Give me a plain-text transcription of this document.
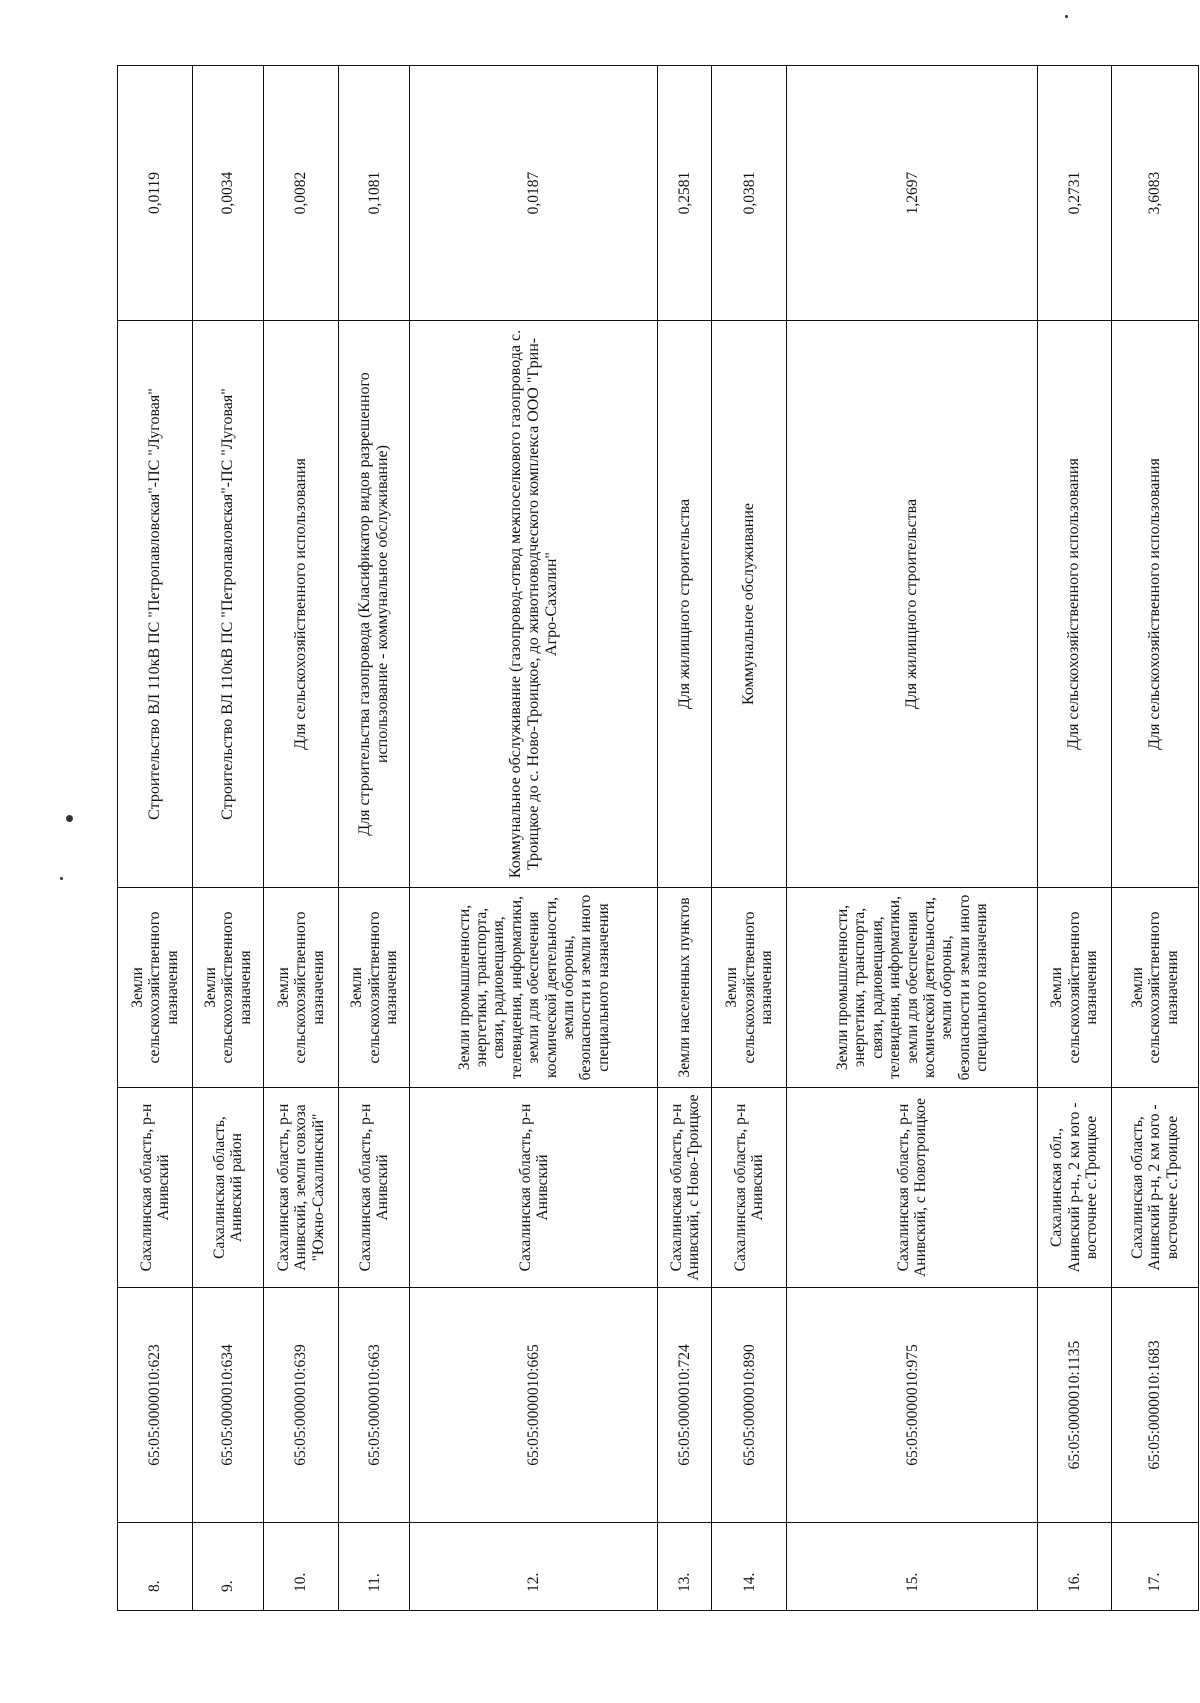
8.	65:05:0000010:623	Сахалинская область, р-н Анивский	Земли сельскохозяйственного назначения	Строительство ВЛ 110кВ ПС "Петропавловская"-ПС "Луговая"	0,0119
9.	65:05:0000010:634	Сахалинская область, Анивский район	Земли сельскохозяйственного назначения	Строительство ВЛ 110кВ ПС "Петропавловская"-ПС "Луговая"	0,0034
10.	65:05:0000010:639	Сахалинская область, р-н Анивский, земли совхоза "Южно-Сахалинский"	Земли сельскохозяйственного назначения	Для сельскохозяйственного использования	0,0082
11.	65:05:0000010:663	Сахалинская область, р-н Анивский	Земли сельскохозяйственного назначения	Для строительства газопровода (Класификатор видов разрешенного использование - коммунальное обслуживание)	0,1081
12.	65:05:0000010:665	Сахалинская область, р-н Анивский	Земли промышленности, энергетики, транспорта, связи, радиовещания, телевидения, информатики, земли для обеспечения космической деятельности, земли обороны, безопасности и земли иного специального назначения	Коммунальное обслуживание (газопровод-отвод межпоселкового газопровода с. Троицкое до с. Ново-Троицкое, до животноводческого комплекса ООО "Грин-Агро-Сахалин"	0,0187
13.	65:05:0000010:724	Сахалинская область, р-н Анивский, с Ново-Троицкое	Земли населенных пунктов	Для жилищного строительства	0,2581
14.	65:05:0000010:890	Сахалинская область, р-н Анивский	Земли сельскохозяйственного назначения	Коммунальное обслуживание	0,0381
15.	65:05:0000010:975	Сахалинская область, р-н Анивский, с Новотроицкое	Земли промышленности, энергетики, транспорта, связи, радиовещания, телевидения, информатики, земли для обеспечения космической деятельности, земли обороны, безопасности и земли иного специального назначения	Для жилищного строительства	1,2697
16.	65:05:0000010:1135	Сахалинская обл., Анивский р-н., 2 км юго - восточнее с.Троицкое	Земли сельскохозяйственного назначения	Для сельскохозяйственного использования	0,2731
17.	65:05:0000010:1683	Сахалинская область, Анивский р-н, 2 км юго - восточнее с.Троицкое	Земли сельскохозяйственного назначения	Для сельскохозяйственного использования	3,6083
